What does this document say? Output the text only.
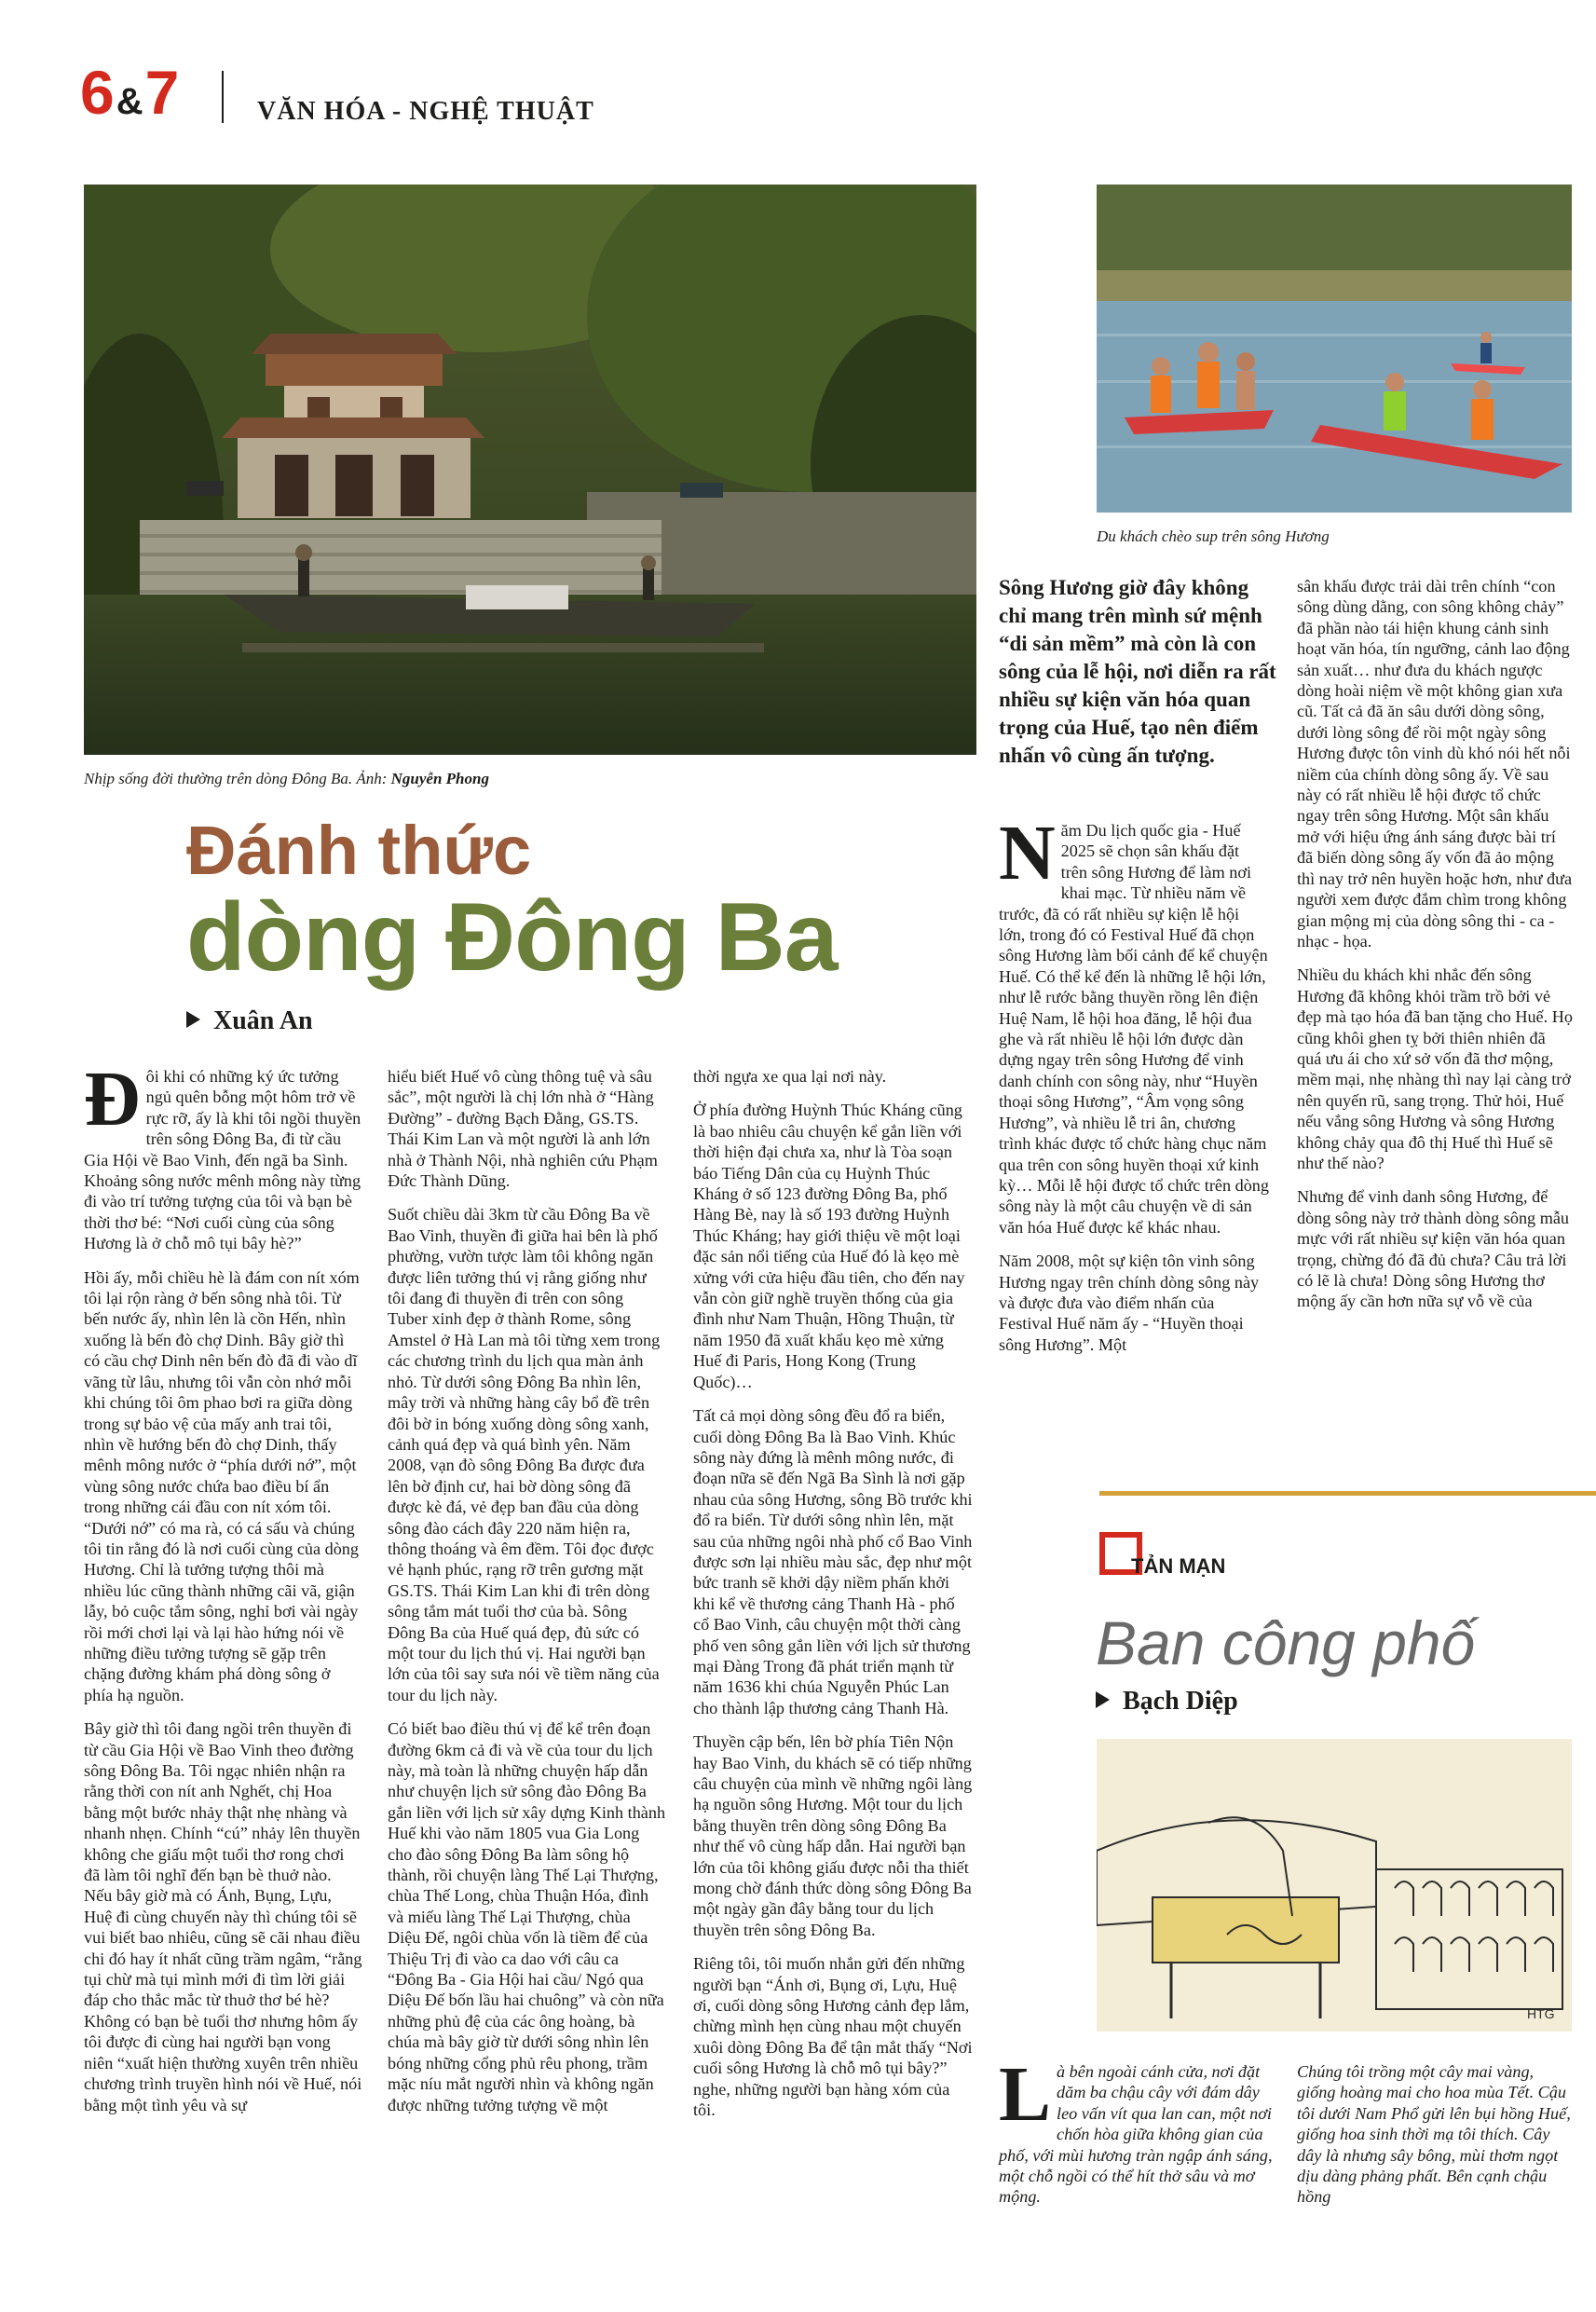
6 &7	VĂN HÓA - NGHỆ THUẬT
Nhịp sống đời thường trên dòng Đông Ba. Ảnh: Nguyễn Phong
Du khách chèo sup trên sông Hương
Đánh thức
dòng Đông Ba
Xuân An

Đôi khi có những ký ức tưởng ngủ quên bỗng một hôm trở về rực rỡ, ấy là khi tôi ngồi thuyền trên sông Đông Ba, đi từ cầu Gia Hội về Bao Vinh, đến ngã ba Sình. Khoảng sông nước mênh mông này từng đi vào trí tưởng tượng của tôi và bạn bè thời thơ bé: “Nơi cuối cùng của sông Hương là ở chỗ mô tụi bây hè?”

Hồi ấy, mỗi chiều hè là đám con nít xóm tôi lại rộn ràng ở bến sông nhà tôi. Từ bến nước ấy, nhìn lên là cồn Hến, nhìn xuống là bến đò chợ Dinh. Bây giờ thì có cầu chợ Dinh nên bến đò đã đi vào dĩ vãng từ lâu, nhưng tôi vẫn còn nhớ mỗi khi chúng tôi ôm phao bơi ra giữa dòng trong sự bảo vệ của mấy anh trai tôi, nhìn về hướng bến đò chợ Dinh, thấy mênh mông nước ở “phía dưới nớ”, một vùng sông nước chứa bao điều bí ẩn trong những cái đầu con nít xóm tôi. “Dưới nớ” có ma rà, có cá sấu và chúng tôi tin rằng đó là nơi cuối cùng của dòng Hương. Chỉ là tưởng tượng thôi mà nhiều lúc cũng thành những cãi vã, giận lẫy, bỏ cuộc tắm sông, nghỉ bơi vài ngày rồi mới chơi lại và lại hào hứng nói về những điều tưởng tượng sẽ gặp trên chặng đường khám phá dòng sông ở phía hạ nguồn.

Bây giờ thì tôi đang ngồi trên thuyền đi từ cầu Gia Hội về Bao Vinh theo đường sông Đông Ba. Tôi ngạc nhiên nhận ra rằng thời con nít anh Nghết, chị Hoa bằng một bước nhảy thật nhẹ nhàng và nhanh nhẹn. Chính “cú” nhảy lên thuyền không che giấu một tuổi thơ rong chơi đã làm tôi nghĩ đến bạn bè thuở nào. Nếu bây giờ mà có Ánh, Bụng, Lựu, Huệ đi cùng chuyến này thì chúng tôi sẽ vui biết bao nhiêu, cũng sẽ cãi nhau điều chi đó hay ít nhất cũng trầm ngâm, “rằng tụi chừ mà tụi mình mới đi tìm lời giải đáp cho thắc mắc từ thuở thơ bé hè? Không có bạn bè tuổi thơ nhưng hôm ấy tôi được đi cùng hai người bạn vong niên “xuất hiện thường xuyên trên nhiều chương trình truyền hình nói về Huế, nói bằng một tình yêu và sự

hiểu biết Huế vô cùng thông tuệ và sâu sắc”, một người là chị lớn nhà ở “Hàng Đường” - đường Bạch Đằng, GS.TS. Thái Kim Lan và một người là anh lớn nhà ở Thành Nội, nhà nghiên cứu Phạm Đức Thành Dũng.

Suốt chiều dài 3km từ cầu Đông Ba về Bao Vinh, thuyền đi giữa hai bên là phố phường, vườn tược làm tôi không ngăn được liên tưởng thú vị rằng giống như tôi đang đi thuyền đi trên con sông Tuber xinh đẹp ở thành Rome, sông Amstel ở Hà Lan mà tôi từng xem trong các chương trình du lịch qua màn ảnh nhỏ. Từ dưới sông Đông Ba nhìn lên, mây trời và những hàng cây bổ đề trên đôi bờ in bóng xuống dòng sông xanh, cảnh quá đẹp và quá bình yên. Năm 2008, vạn đò sông Đông Ba được đưa lên bờ định cư, hai bờ dòng sông đã được kè đá, vẻ đẹp ban đầu của dòng sông đào cách đây 220 năm hiện ra, thông thoáng và êm đềm. Tôi đọc được vẻ hạnh phúc, rạng rỡ trên gương mặt GS.TS. Thái Kim Lan khi đi trên dòng sông tắm mát tuổi thơ của bà. Sông Đông Ba của Huế quá đẹp, đủ sức có một tour du lịch thú vị. Hai người bạn lớn của tôi say sưa nói về tiềm năng của tour du lịch này.

Có biết bao điều thú vị để kể trên đoạn đường 6km cả đi và về của tour du lịch này, mà toàn là những chuyện hấp dẫn như chuyện lịch sử sông đào Đông Ba gắn liền với lịch sử xây dựng Kinh thành Huế khi vào năm 1805 vua Gia Long cho đào sông Đông Ba làm sông hộ thành, rồi chuyện làng Thế Lại Thượng, chùa Thế Long, chùa Thuận Hóa, đình và miếu làng Thế Lại Thượng, chùa Diệu Đế, ngôi chùa vốn là tiềm để của Thiệu Trị đi vào ca dao với câu ca “Đông Ba - Gia Hội hai cầu/ Ngó qua Diệu Đế bốn lầu hai chuông” và còn nữa những phủ đệ của các ông hoàng, bà chúa mà bây giờ từ dưới sông nhìn lên bóng những cổng phủ rêu phong, trầm mặc níu mắt người nhìn và không ngăn được những tưởng tượng về một

thời ngựa xe qua lại nơi này.

Ở phía đường Huỳnh Thúc Kháng cũng là bao nhiêu câu chuyện kể gắn liền với thời hiện đại chưa xa, như là Tòa soạn báo Tiếng Dân của cụ Huỳnh Thúc Kháng ở số 123 đường Đông Ba, phố Hàng Bè, nay là số 193 đường Huỳnh Thúc Kháng; hay giới thiệu về một loại đặc sản nổi tiếng của Huế đó là kẹo mè xửng với cửa hiệu đầu tiên, cho đến nay vẫn còn giữ nghề truyền thống của gia đình như Nam Thuận, Hồng Thuận, từ năm 1950 đã xuất khẩu kẹo mè xửng Huế đi Paris, Hong Kong (Trung Quốc)…

Tất cả mọi dòng sông đều đổ ra biển, cuối dòng Đông Ba là Bao Vinh. Khúc sông này đứng là mênh mông nước, đi đoạn nữa sẽ đến Ngã Ba Sình là nơi gặp nhau của sông Hương, sông Bồ trước khi đổ ra biển. Từ dưới sông nhìn lên, mặt sau của những ngôi nhà phố cổ Bao Vinh được sơn lại nhiều màu sắc, đẹp như một bức tranh sẽ khởi dậy niềm phấn khởi khi kể về thương cảng Thanh Hà - phố cổ Bao Vinh, câu chuyện một thời càng phố ven sông gắn liền với lịch sử thương mại Đàng Trong đã phát triển mạnh từ năm 1636 khi chúa Nguyễn Phúc Lan cho thành lập thương cảng Thanh Hà.

Thuyền cập bến, lên bờ phía Tiên Nộn hay Bao Vinh, du khách sẽ có tiếp những câu chuyện của mình về những ngôi làng hạ nguồn sông Hương. Một tour du lịch bằng thuyền trên dòng sông Đông Ba như thế vô cùng hấp dẫn. Hai người bạn lớn của tôi không giấu được nỗi tha thiết mong chờ đánh thức dòng sông Đông Ba một ngày gần đây bằng tour du lịch thuyền trên sông Đông Ba.

Riêng tôi, tôi muốn nhắn gửi đến những người bạn “Ánh ơi, Bụng ơi, Lựu, Huệ ơi, cuối dòng sông Hương cảnh đẹp lắm, chừng mình hẹn cùng nhau một chuyến xuôi dòng Đông Ba để tận mắt thấy “Nơi cuối sông Hương là chỗ mô tụi bây?” nghe, những người bạn hàng xóm của tôi.

Sông Hương giờ đây không chỉ mang trên mình sứ mệnh “di sản mềm” mà còn là con sông của lễ hội, nơi diễn ra rất nhiều sự kiện văn hóa quan trọng của Huế, tạo nên điểm nhấn vô cùng ấn tượng.

Năm Du lịch quốc gia - Huế 2025 sẽ chọn sân khấu đặt trên sông Hương để làm nơi khai mạc. Từ nhiều năm về trước, đã có rất nhiều sự kiện lễ hội lớn, trong đó có Festival Huế đã chọn sông Hương làm bối cảnh để kể chuyện Huế. Có thể kể đến là những lễ hội lớn, như lễ rước bằng thuyền rồng lên điện Huệ Nam, lễ hội hoa đăng, lễ hội đua ghe và rất nhiều lễ hội lớn được dàn dựng ngay trên sông Hương để vinh danh chính con sông này, như “Huyền thoại sông Hương”, “Âm vọng sông Hương”, và nhiều lễ tri ân, chương trình khác được tổ chức hàng chục năm qua trên con sông huyền thoại xứ kinh kỳ… Mỗi lễ hội được tổ chức trên dòng sông này là một câu chuyện về di sản văn hóa Huế được kể khác nhau.

Năm 2008, một sự kiện tôn vinh sông Hương ngay trên chính dòng sông này và được đưa vào điểm nhấn của Festival Huế năm ấy - “Huyền thoại sông Hương”. Một

sân khấu được trải dài trên chính “con sông dùng dằng, con sông không chảy” đã phần nào tái hiện khung cảnh sinh hoạt văn hóa, tín ngưỡng, cảnh lao động sản xuất… như đưa du khách ngược dòng hoài niệm về một không gian xưa cũ. Tất cả đã ăn sâu dưới dòng sông, dưới lòng sông để rồi một ngày sông Hương được tôn vinh dù khó nói hết nỗi niềm của chính dòng sông ấy. Về sau này có rất nhiều lễ hội được tổ chức ngay trên sông Hương. Một sân khấu mở với hiệu ứng ánh sáng được bài trí đã biến dòng sông ấy vốn đã ảo mộng thì nay trở nên huyền hoặc hơn, như đưa người xem được đắm chìm trong không gian mộng mị của dòng sông thi - ca - nhạc - họa.

Nhiều du khách khi nhắc đến sông Hương đã không khỏi trầm trồ bởi vẻ đẹp mà tạo hóa đã ban tặng cho Huế. Họ cũng khôi ghen tỵ bởi thiên nhiên đã quá ưu ái cho xứ sở vốn đã thơ mộng, mềm mại, nhẹ nhàng thì nay lại càng trở nên quyến rũ, sang trọng. Thử hỏi, Huế nếu vắng sông Hương và sông Hương không chảy qua đô thị Huế thì Huế sẽ như thế nào?

Nhưng để vinh danh sông Hương, để dòng sông này trở thành dòng sông mẫu mực với rất nhiều sự kiện văn hóa quan trọng, chừng đó đã đủ chưa? Câu trả lời có lẽ là chưa! Dòng sông Hương thơ mộng ấy cần hơn nữa sự vỗ về của

TẢN MẠN
Ban công phố
Bạch Diệp
HTG
Là bên ngoài cánh cửa, nơi đặt dăm ba chậu cây với đám dây leo vấn vít qua lan can, một nơi chốn hòa giữa không gian của phố, với mùi hương tràn ngập ánh sáng, một chỗ ngồi có thể hít thở sâu và mơ mộng.
Chúng tôi trồng một cây mai vàng, giống hoàng mai cho hoa mùa Tết. Cậu tôi dưới Nam Phổ gửi lên bụi hồng Huế, giống hoa sinh thời mạ tôi thích. Cây dây là nhưng sây bông, mùi thơm ngọt dịu dàng phảng phất. Bên cạnh chậu hồng
